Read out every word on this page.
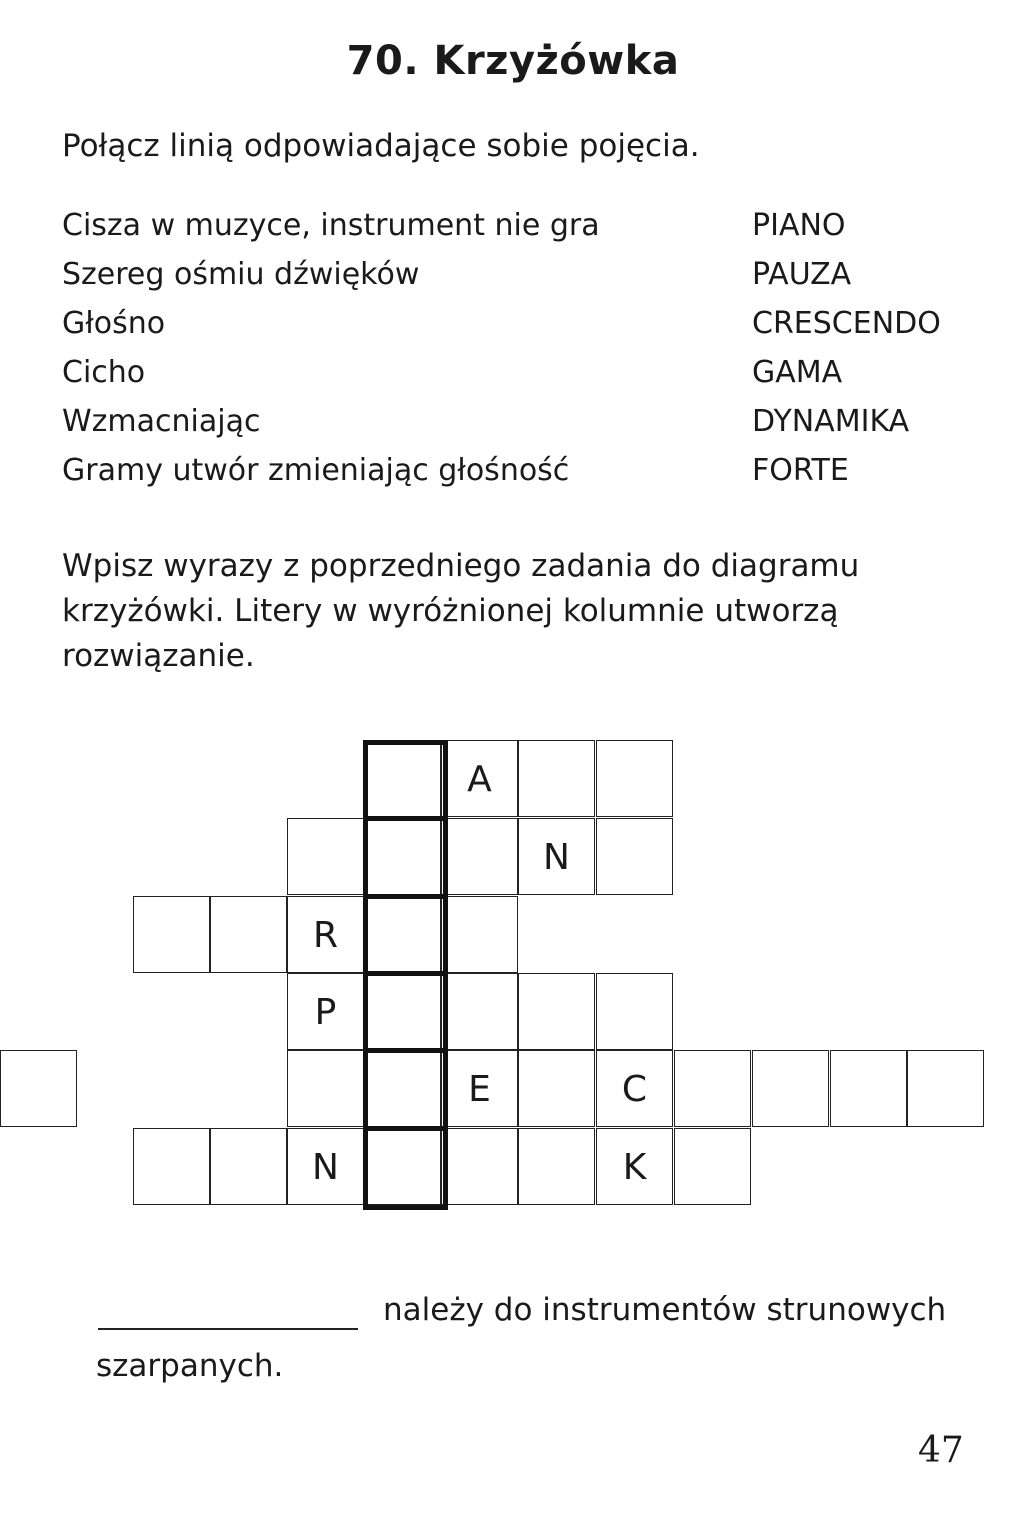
70. Krzyżówka
Połącz linią odpowiadające sobie pojęcia.
Cisza w muzyce, instrument nie gra
Szereg ośmiu dźwięków
Głośno
Cicho
Wzmacniając
Gramy utwór zmieniając głośność
PIANO
PAUZA
CRESCENDO
GAMA
DYNAMIKA
FORTE
Wpisz wyrazy z poprzedniego zadania do diagramu
krzyżówki. Litery w wyróżnionej kolumnie utworzą
rozwiązanie.
A
N
R
P
E	C
N	K
należy do instrumentów strunowych
szarpanych.
47
